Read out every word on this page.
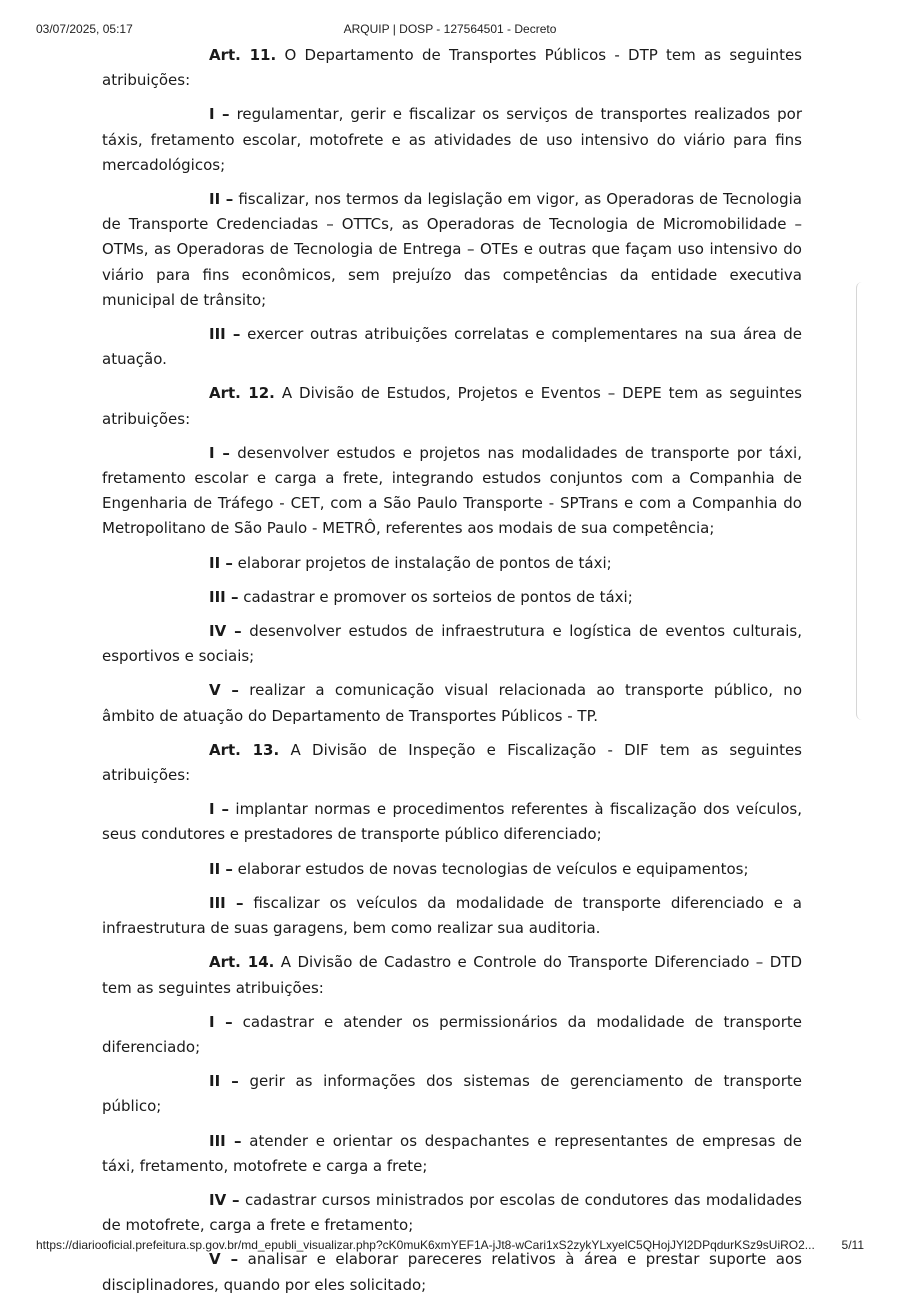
03/07/2025, 05:17	ARQUIP | DOSP - 127564501 - Decreto

Art. 11. O Departamento de Transportes Públicos - DTP tem as seguintes atribuições:

I – regulamentar, gerir e fiscalizar os serviços de transportes realizados por táxis, fretamento escolar, motofrete e as atividades de uso intensivo do viário para fins mercadológicos;

II – fiscalizar, nos termos da legislação em vigor, as Operadoras de Tecnologia de Transporte Credenciadas – OTTCs, as Operadoras de Tecnologia de Micromobilidade – OTMs, as Operadoras de Tecnologia de Entrega – OTEs e outras que façam uso intensivo do viário para fins econômicos, sem prejuízo das competências da entidade executiva municipal de trânsito;

III – exercer outras atribuições correlatas e complementares na sua área de atuação.

Art. 12. A Divisão de Estudos, Projetos e Eventos – DEPE tem as seguintes atribuições:

I – desenvolver estudos e projetos nas modalidades de transporte por táxi, fretamento escolar e carga a frete, integrando estudos conjuntos com a Companhia de Engenharia de Tráfego - CET, com a São Paulo Transporte - SPTrans e com a Companhia do Metropolitano de São Paulo - METRÔ, referentes aos modais de sua competência;

II – elaborar projetos de instalação de pontos de táxi;

III – cadastrar e promover os sorteios de pontos de táxi;

IV – desenvolver estudos de infraestrutura e logística de eventos culturais, esportivos e sociais;

V – realizar a comunicação visual relacionada ao transporte público, no âmbito de atuação do Departamento de Transportes Públicos - TP.

Art. 13. A Divisão de Inspeção e Fiscalização - DIF tem as seguintes atribuições:

I – implantar normas e procedimentos referentes à fiscalização dos veículos, seus condutores e prestadores de transporte público diferenciado;

II – elaborar estudos de novas tecnologias de veículos e equipamentos;

III – fiscalizar os veículos da modalidade de transporte diferenciado e a infraestrutura de suas garagens, bem como realizar sua auditoria.

Art. 14. A Divisão de Cadastro e Controle do Transporte Diferenciado – DTD tem as seguintes atribuições:

I – cadastrar e atender os permissionários da modalidade de transporte diferenciado;

II – gerir as informações dos sistemas de gerenciamento de transporte público;

III – atender e orientar os despachantes e representantes de empresas de táxi, fretamento, motofrete e carga a frete;

IV – cadastrar cursos ministrados por escolas de condutores das modalidades de motofrete, carga a frete e fretamento;

V – analisar e elaborar pareceres relativos à área e prestar suporte aos disciplinadores, quando por eles solicitado;

https://diariooficial.prefeitura.sp.gov.br/md_epubli_visualizar.php?cK0muK6xmYEF1A-jJt8-wCari1xS2zykYLxyelC5QHojJYl2DPqdurKSz9sUiRO2...	5/11
